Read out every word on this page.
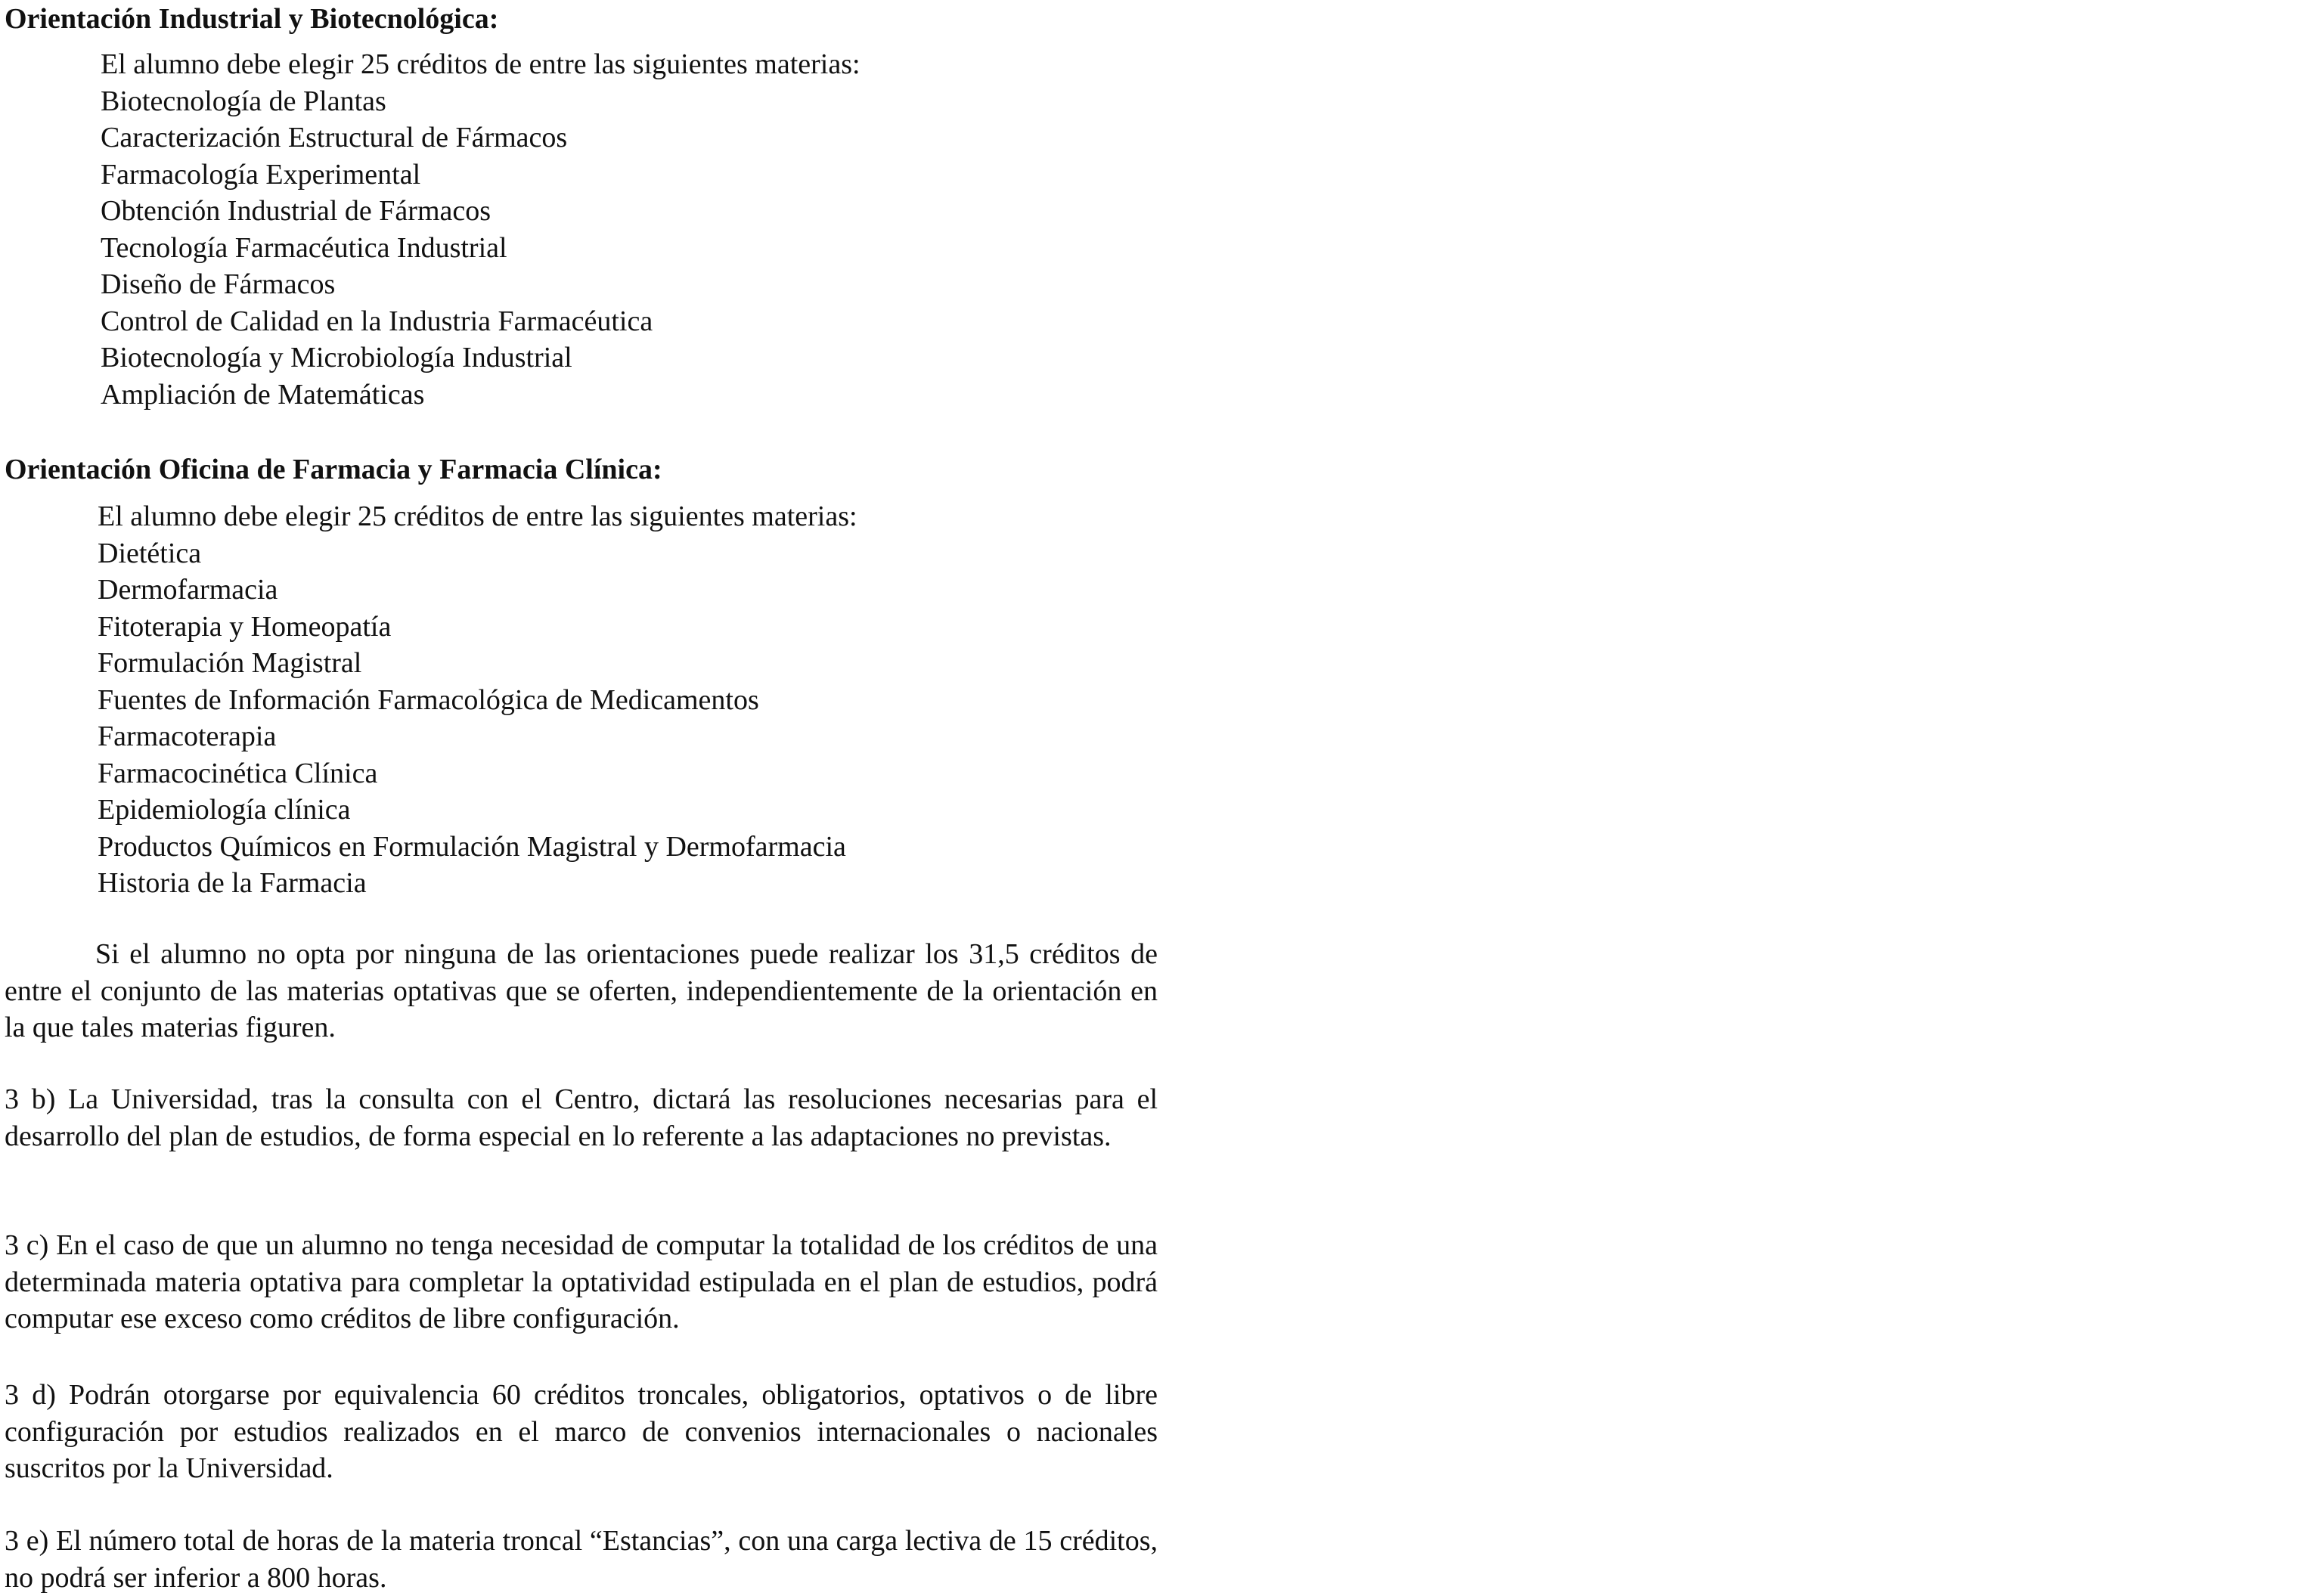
Orientación Industrial y Biotecnológica:
El alumno debe elegir 25 créditos de entre las siguientes materias:
Biotecnología de Plantas
Caracterización Estructural de Fármacos
Farmacología Experimental
Obtención Industrial de Fármacos
Tecnología Farmacéutica Industrial
Diseño de Fármacos
Control de Calidad en la Industria Farmacéutica
Biotecnología y Microbiología Industrial
Ampliación de Matemáticas
Orientación Oficina de Farmacia y Farmacia Clínica:
El alumno debe elegir 25 créditos de entre las siguientes materias:
Dietética
Dermofarmacia
Fitoterapia y Homeopatía
Formulación Magistral
Fuentes de Información Farmacológica de Medicamentos
Farmacoterapia
Farmacocinética Clínica
Epidemiología clínica
Productos Químicos en Formulación Magistral y Dermofarmacia
Historia de la Farmacia

Si el alumno no opta por ninguna de las orientaciones puede realizar los 31,5 créditos de entre el conjunto de las materias optativas que se oferten, independientemente de la orientación en la que tales materias figuren.

3 b) La Universidad, tras la consulta con el Centro, dictará las resoluciones necesarias para el desarrollo del plan de estudios, de forma especial en lo referente a las adaptaciones no previstas.

3 c) En el caso de que un alumno no tenga necesidad de computar la totalidad de los créditos de una determinada materia optativa para completar la optatividad estipulada en el plan de estudios, podrá computar ese exceso como créditos de libre configuración.

3 d) Podrán otorgarse por equivalencia 60 créditos troncales, obligatorios, optativos o de libre configuración por estudios realizados en el marco de convenios internacionales o nacionales suscritos por la Universidad.

3 e) El número total de horas de la materia troncal “Estancias”, con una carga lectiva de 15 créditos, no podrá ser inferior a 800 horas.
